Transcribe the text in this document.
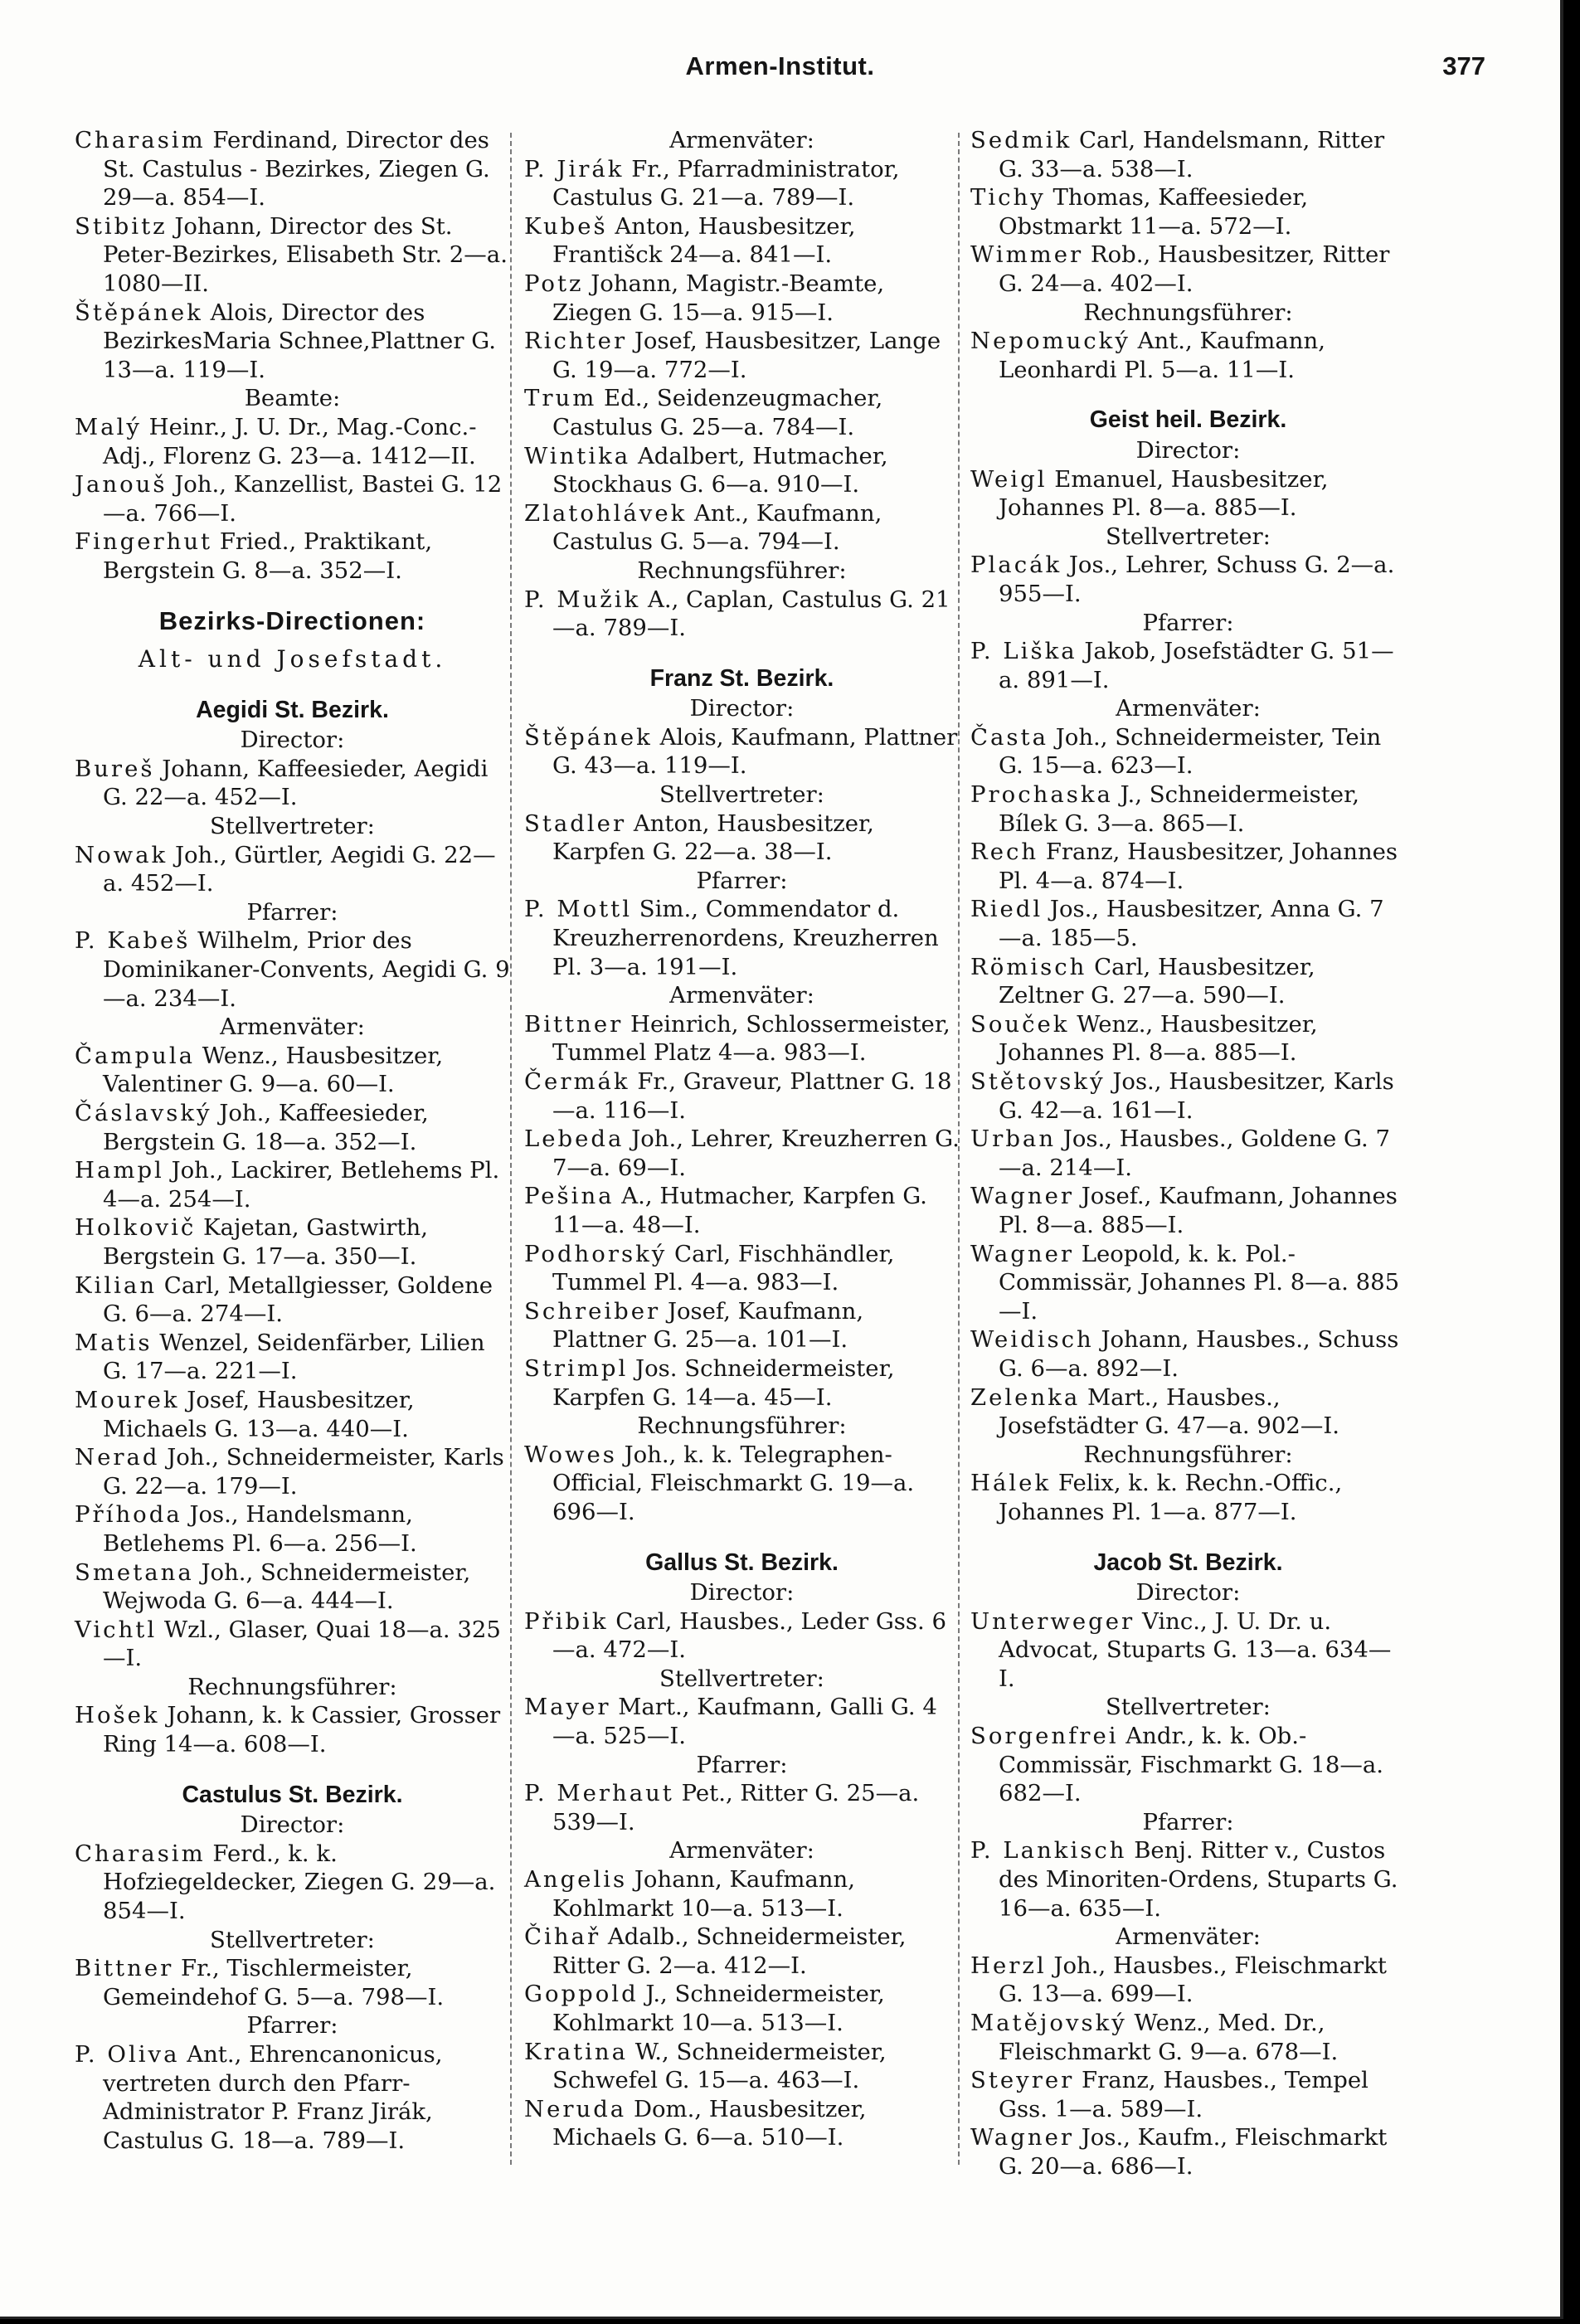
Armen-Institut.	377
Charasim Ferdinand, Director des St. Castulus - Bezirkes, Ziegen G. 29—a. 854—I.
Stibitz Johann, Director des St. Peter-Bezirkes, Elisabeth Str. 2—a. 1080—II.
Štěpánek Alois, Director des BezirkesMaria Schnee,Plattner G. 13—a. 119—I.
Beamte:
Malý Heinr., J. U. Dr., Mag.-Conc.-Adj., Florenz G. 23—a. 1412—II.
Janouš Joh., Kanzellist, Bastei G. 12—a. 766—I.
Fingerhut Fried., Praktikant, Bergstein G. 8—a. 352—I.
Bezirks-Directionen:
Alt- und Josefstadt.
Aegidi St. Bezirk.
Director:
Bureš Johann, Kaffeesieder, Aegidi G. 22—a. 452—I.
Stellvertreter:
Nowak Joh., Gürtler, Aegidi G. 22—a. 452—I.
Pfarrer:
P. Kabeš Wilhelm, Prior des Dominikaner-Convents, Aegidi G. 9—a. 234—I.
Armenväter:
Čampula Wenz., Hausbesitzer, Valentiner G. 9—a. 60—I.
Čáslavský Joh., Kaffeesieder, Bergstein G. 18—a. 352—I.
Hampl Joh., Lackirer, Betlehems Pl. 4—a. 254—I.
Holkovič Kajetan, Gastwirth, Bergstein G. 17—a. 350—I.
Kilian Carl, Metallgiesser, Goldene G. 6—a. 274—I.
Matis Wenzel, Seidenfärber, Lilien G. 17—a. 221—I.
Mourek Josef, Hausbesitzer, Michaels G. 13—a. 440—I.
Nerad Joh., Schneidermeister, Karls G. 22—a. 179—I.
Příhoda Jos., Handelsmann, Betlehems Pl. 6—a. 256—I.
Smetana Joh., Schneidermeister, Wejwoda G. 6—a. 444—I.
Vichtl Wzl., Glaser, Quai 18—a. 325—I.
Rechnungsführer:
Hošek Johann, k. k Cassier, Grosser Ring 14—a. 608—I.
Castulus St. Bezirk.
Director:
Charasim Ferd., k. k. Hofziegeldecker, Ziegen G. 29—a. 854—I.
Stellvertreter:
Bittner Fr., Tischlermeister, Gemeindehof G. 5—a. 798—I.
Pfarrer:
P. Oliva Ant., Ehrencanonicus, vertreten durch den Pfarr-Administrator P. Franz Jirák, Castulus G. 18—a. 789—I.
Armenväter:
P. Jirák Fr., Pfarradministrator, Castulus G. 21—a. 789—I.
Kubeš Anton, Hausbesitzer, Františck 24—a. 841—I.
Potz Johann, Magistr.-Beamte, Ziegen G. 15—a. 915—I.
Richter Josef, Hausbesitzer, Lange G. 19—a. 772—I.
Trum Ed., Seidenzeugmacher, Castulus G. 25—a. 784—I.
Wintika Adalbert, Hutmacher, Stockhaus G. 6—a. 910—I.
Zlatohlávek Ant., Kaufmann, Castulus G. 5—a. 794—I.
Rechnungsführer:
P. Mužik A., Caplan, Castulus G. 21—a. 789—I.
Franz St. Bezirk.
Director:
Štěpánek Alois, Kaufmann, Plattner G. 43—a. 119—I.
Stellvertreter:
Stadler Anton, Hausbesitzer, Karpfen G. 22—a. 38—I.
Pfarrer:
P. Mottl Sim., Commendator d. Kreuzherrenordens, Kreuzherren Pl. 3—a. 191—I.
Armenväter:
Bittner Heinrich, Schlossermeister, Tummel Platz 4—a. 983—I.
Čermák Fr., Graveur, Plattner G. 18—a. 116—I.
Lebeda Joh., Lehrer, Kreuzherren G. 7—a. 69—I.
Pešina A., Hutmacher, Karpfen G. 11—a. 48—I.
Podhorský Carl, Fischhändler, Tummel Pl. 4—a. 983—I.
Schreiber Josef, Kaufmann, Plattner G. 25—a. 101—I.
Strimpl Jos. Schneidermeister, Karpfen G. 14—a. 45—I.
Rechnungsführer:
Wowes Joh., k. k. Telegraphen-Official, Fleischmarkt G. 19—a. 696—I.
Gallus St. Bezirk.
Director:
Přibik Carl, Hausbes., Leder Gss. 6—a. 472—I.
Stellvertreter:
Mayer Mart., Kaufmann, Galli G. 4—a. 525—I.
Pfarrer:
P. Merhaut Pet., Ritter G. 25—a. 539—I.
Armenväter:
Angelis Johann, Kaufmann, Kohlmarkt 10—a. 513—I.
Čihař Adalb., Schneidermeister, Ritter G. 2—a. 412—I.
Goppold J., Schneidermeister, Kohlmarkt 10—a. 513—I.
Kratina W., Schneidermeister, Schwefel G. 15—a. 463—I.
Neruda Dom., Hausbesitzer, Michaels G. 6—a. 510—I.
Sedmik Carl, Handelsmann, Ritter G. 33—a. 538—I.
Tichy Thomas, Kaffeesieder, Obstmarkt 11—a. 572—I.
Wimmer Rob., Hausbesitzer, Ritter G. 24—a. 402—I.
Rechnungsführer:
Nepomucký Ant., Kaufmann, Leonhardi Pl. 5—a. 11—I.
Geist heil. Bezirk.
Director:
Weigl Emanuel, Hausbesitzer, Johannes Pl. 8—a. 885—I.
Stellvertreter:
Placák Jos., Lehrer, Schuss G. 2—a. 955—I.
Pfarrer:
P. Liška Jakob, Josefstädter G. 51—a. 891—I.
Armenväter:
Časta Joh., Schneidermeister, Tein G. 15—a. 623—I.
Prochaska J., Schneidermeister, Bílek G. 3—a. 865—I.
Rech Franz, Hausbesitzer, Johannes Pl. 4—a. 874—I.
Riedl Jos., Hausbesitzer, Anna G. 7—a. 185—5.
Römisch Carl, Hausbesitzer, Zeltner G. 27—a. 590—I.
Souček Wenz., Hausbesitzer, Johannes Pl. 8—a. 885—I.
Stětovský Jos., Hausbesitzer, Karls G. 42—a. 161—I.
Urban Jos., Hausbes., Goldene G. 7—a. 214—I.
Wagner Josef., Kaufmann, Johannes Pl. 8—a. 885—I.
Wagner Leopold, k. k. Pol.-Commissär, Johannes Pl. 8—a. 885—I.
Weidisch Johann, Hausbes., Schuss G. 6—a. 892—I.
Zelenka Mart., Hausbes., Josefstädter G. 47—a. 902—I.
Rechnungsführer:
Hálek Felix, k. k. Rechn.-Offic., Johannes Pl. 1—a. 877—I.
Jacob St. Bezirk.
Director:
Unterweger Vinc., J. U. Dr. u. Advocat, Stuparts G. 13—a. 634—I.
Stellvertreter:
Sorgenfrei Andr., k. k. Ob.-Commissär, Fischmarkt G. 18—a. 682—I.
Pfarrer:
P. Lankisch Benj. Ritter v., Custos des Minoriten-Ordens, Stuparts G. 16—a. 635—I.
Armenväter:
Herzl Joh., Hausbes., Fleischmarkt G. 13—a. 699—I.
Matějovský Wenz., Med. Dr., Fleischmarkt G. 9—a. 678—I.
Steyrer Franz, Hausbes., Tempel Gss. 1—a. 589—I.
Wagner Jos., Kaufm., Fleischmarkt G. 20—a. 686—I.
